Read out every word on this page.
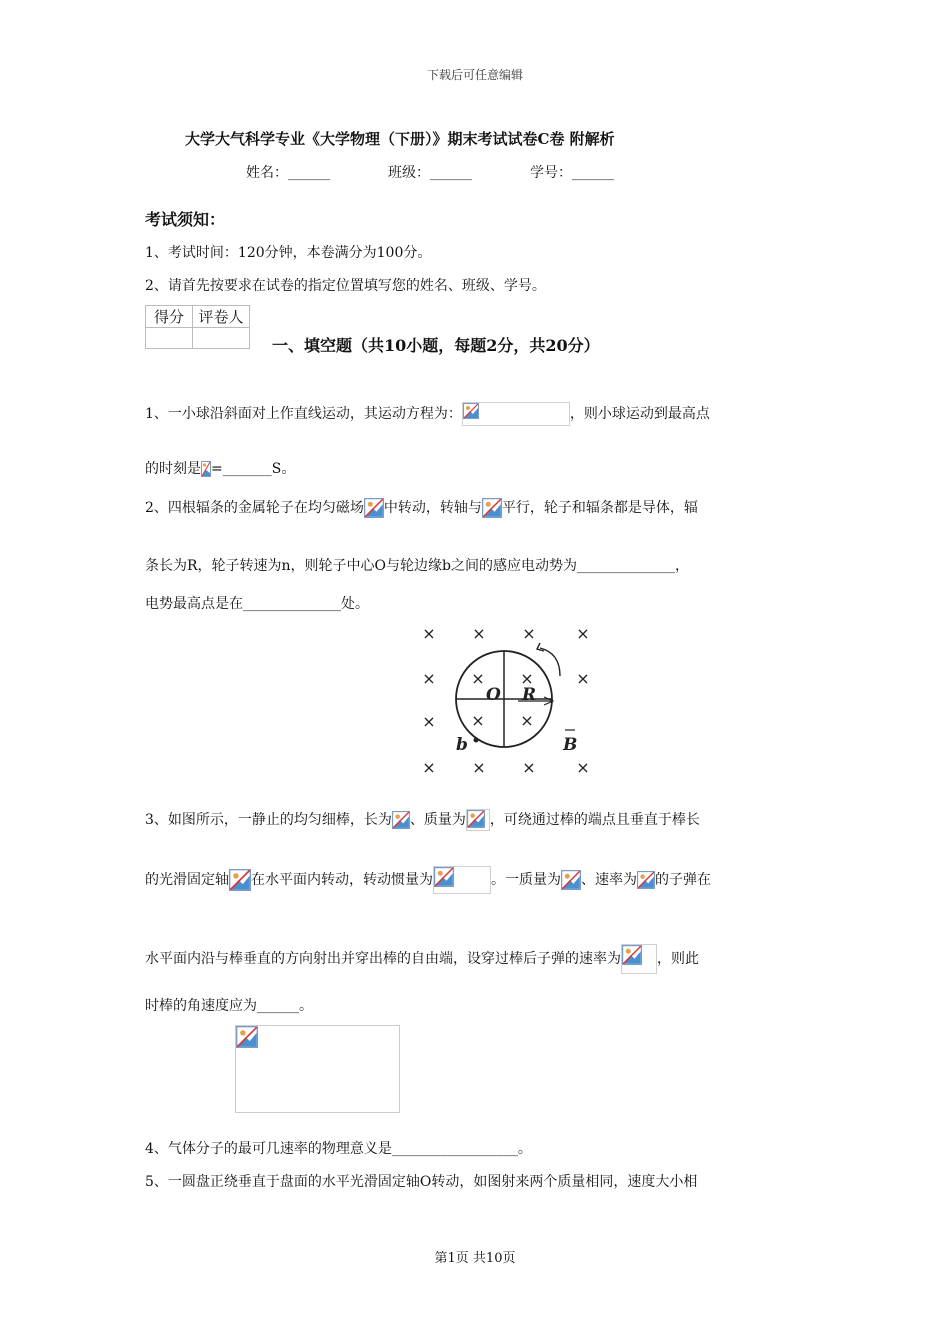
下载后可任意编辑
大学大气科学专业《大学物理（下册）》期末考试试卷C卷 附解析
姓名：______	班级：______	学号：______
考试须知：
1、考试时间：120分钟，本卷满分为100分。
2、请首先按要求在试卷的指定位置填写您的姓名、班级、学号。
得分	评卷人

一、填空题（共10小题，每题2分，共20分）
1、一小球沿斜面对上作直线运动，其运动方程为：	，则小球运动到最高点
的时刻是 =_______S。
2、四根辐条的金属轮子在均匀磁场 中转动，转轴与 平行，轮子和辐条都是导体，辐
条长为R，轮子转速为n，则轮子中心O与轮边缘b之间的感应电动势为______________，
电势最高点是在______________处。
× × ×	×
× × ×	×
× × ×
× × ×	×
O R
b	B
3、如图所示，一静止的均匀细棒，长为 、质量为 ，可绕通过棒的端点且垂直于棒长
的光滑固定轴 在水平面内转动，转动惯量为	。一质量为 、速率为 的子弹在
水平面内沿与棒垂直的方向射出并穿出棒的自由端，设穿过棒后子弹的速率为	，则此
时棒的角速度应为______。
4、气体分子的最可几速率的物理意义是__________________。
5、一圆盘正绕垂直于盘面的水平光滑固定轴O转动，如图射来两个质量相同，速度大小相
第1页 共10页
